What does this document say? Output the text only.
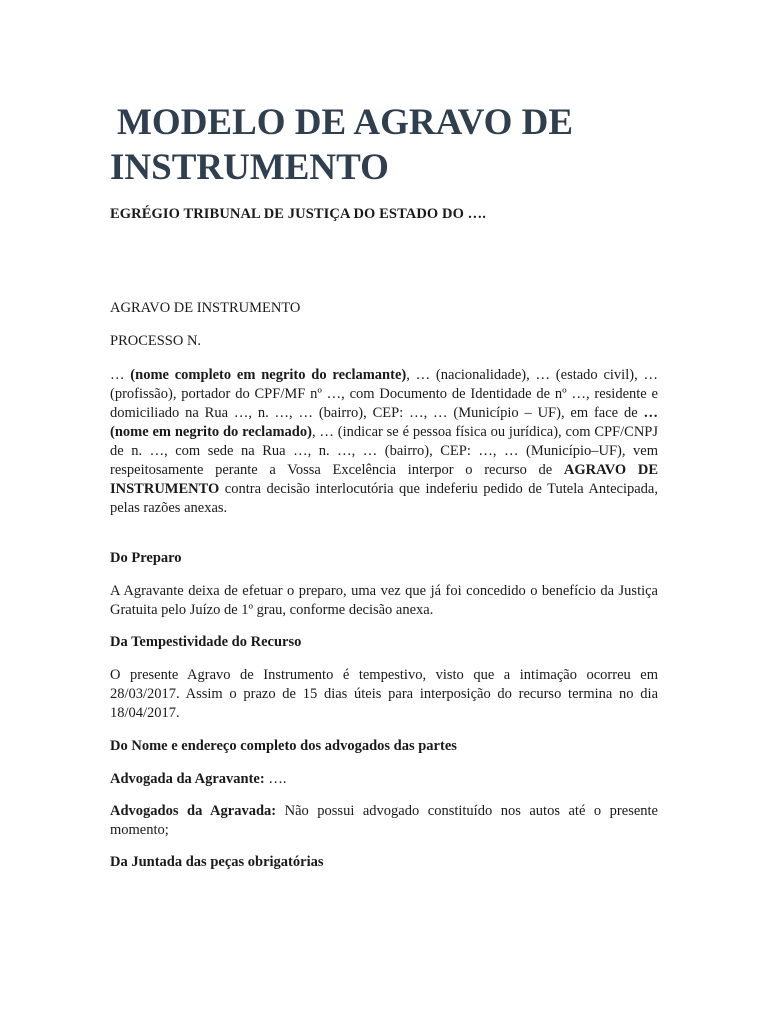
MODELO DE AGRAVO DE
INSTRUMENTO
EGRÉGIO TRIBUNAL DE JUSTIÇA DO ESTADO DO ….
AGRAVO DE INSTRUMENTO
PROCESSO N.

… (nome completo em negrito do reclamante), … (nacionalidade), … (estado civil), … (profissão), portador do CPF/MF nº …, com Documento de Identidade de nº …, residente e domiciliado na Rua …, n. …, … (bairro), CEP: …, … (Município – UF), em face de … (nome em negrito do reclamado), … (indicar se é pessoa física ou jurídica), com CPF/CNPJ de n. …, com sede na Rua …, n. …, … (bairro), CEP: …, … (Município–UF), vem respeitosamente perante a Vossa Excelência interpor o recurso de AGRAVO DE INSTRUMENTO contra decisão interlocutória que indeferiu pedido de Tutela Antecipada, pelas razões anexas.

Do Preparo

A Agravante deixa de efetuar o preparo, uma vez que já foi concedido o benefício da Justiça Gratuita pelo Juízo de 1º grau, conforme decisão anexa.

Da Tempestividade do Recurso

O presente Agravo de Instrumento é tempestivo, visto que a intimação ocorreu em 28/03/2017. Assim o prazo de 15 dias úteis para interposição do recurso termina no dia 18/04/2017.

Do Nome e endereço completo dos advogados das partes

Advogada da Agravante: ….

Advogados da Agravada: Não possui advogado constituído nos autos até o presente momento;

Da Juntada das peças obrigatórias
